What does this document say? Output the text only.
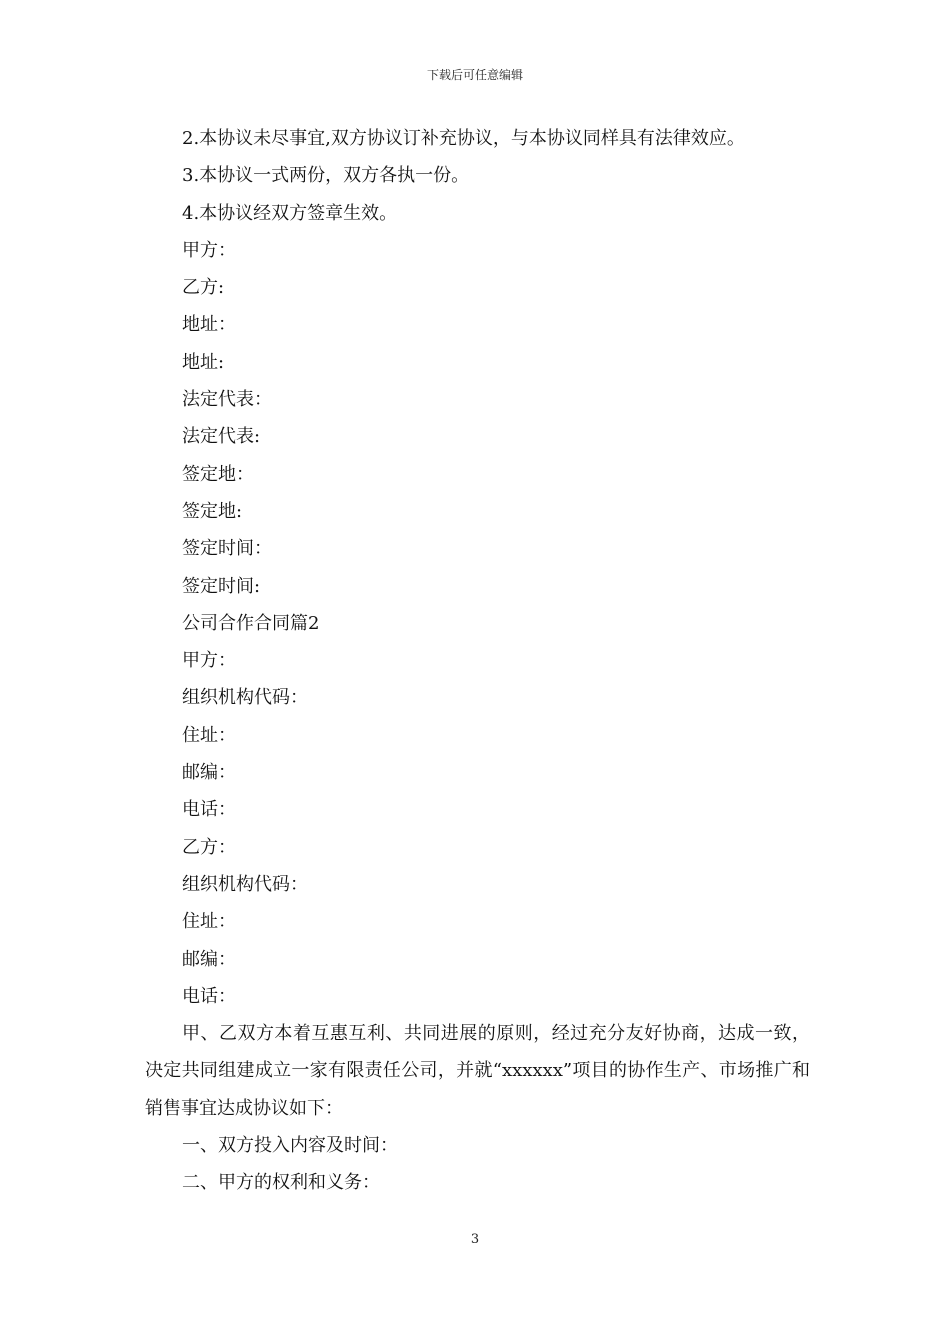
下载后可任意编辑
2.本协议未尽事宜,双方协议订补充协议，与本协议同样具有法律效应。
3.本协议一式两份，双方各执一份。
4.本协议经双方签章生效。
甲方：
乙方:
地址：
地址:
法定代表：
法定代表:
签定地：
签定地:
签定时间：
签定时间:
公司合作合同篇2
甲方：
组织机构代码：
住址：
邮编：
电话：
乙方：
组织机构代码：
住址：
邮编：
电话：

甲、乙双方本着互惠互利、共同进展的原则，经过充分友好协商，达成一致，决定共同组建成立一家有限责任公司，并就“xxxxxx”项目的协作生产、市场推广和销售事宜达成协议如下：

一、双方投入内容及时间：
二、甲方的权利和义务：
3
